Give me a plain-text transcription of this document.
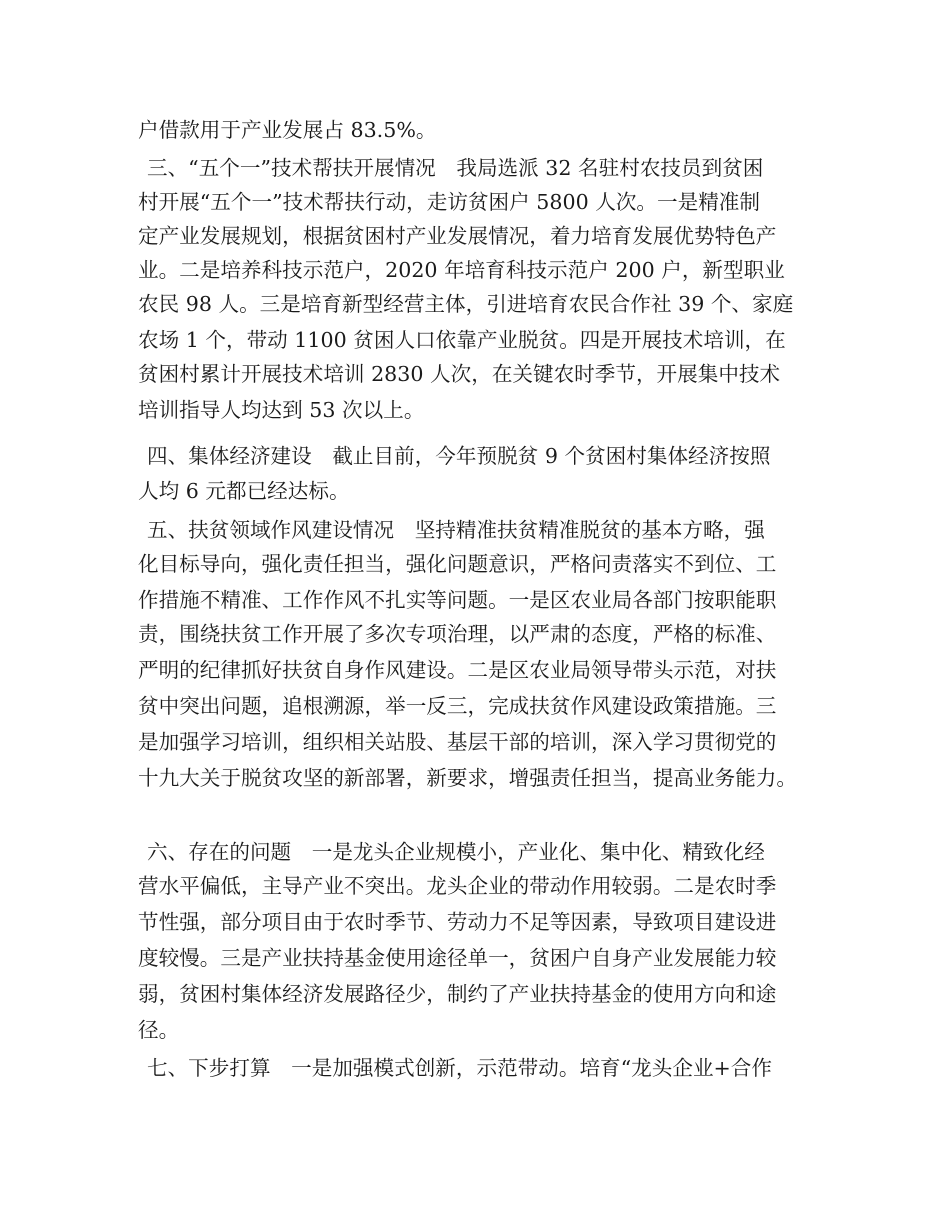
户借款用于产业发展占 83.5%。
三、“五个一”技术帮扶开展情况　我局选派 32 名驻村农技员到贫困
村开展“五个一”技术帮扶行动，走访贫困户 5800 人次。一是精准制
定产业发展规划，根据贫困村产业发展情况，着力培育发展优势特色产
业。二是培养科技示范户，2020 年培育科技示范户 200 户，新型职业
农民 98 人。三是培育新型经营主体，引进培育农民合作社 39 个、家庭
农场 1 个，带动 1100 贫困人口依靠产业脱贫。四是开展技术培训，在
贫困村累计开展技术培训 2830 人次，在关键农时季节，开展集中技术
培训指导人均达到 53 次以上。
四、集体经济建设　截止目前，今年预脱贫 9 个贫困村集体经济按照
人均 6 元都已经达标。
五、扶贫领域作风建设情况　坚持精准扶贫精准脱贫的基本方略，强
化目标导向，强化责任担当，强化问题意识，严格问责落实不到位、工
作措施不精准、工作作风不扎实等问题。一是区农业局各部门按职能职
责，围绕扶贫工作开展了多次专项治理，以严肃的态度，严格的标准、
严明的纪律抓好扶贫自身作风建设。二是区农业局领导带头示范，对扶
贫中突出问题，追根溯源，举一反三，完成扶贫作风建设政策措施。三
是加强学习培训，组织相关站股、基层干部的培训，深入学习贯彻党的
十九大关于脱贫攻坚的新部署，新要求，增强责任担当，提高业务能力。
六、存在的问题　一是龙头企业规模小，产业化、集中化、精致化经
营水平偏低，主导产业不突出。龙头企业的带动作用较弱。二是农时季
节性强，部分项目由于农时季节、劳动力不足等因素，导致项目建设进
度较慢。三是产业扶持基金使用途径单一，贫困户自身产业发展能力较
弱，贫困村集体经济发展路径少，制约了产业扶持基金的使用方向和途
径。
七、下步打算　一是加强模式创新，示范带动。培育“龙头企业+合作
